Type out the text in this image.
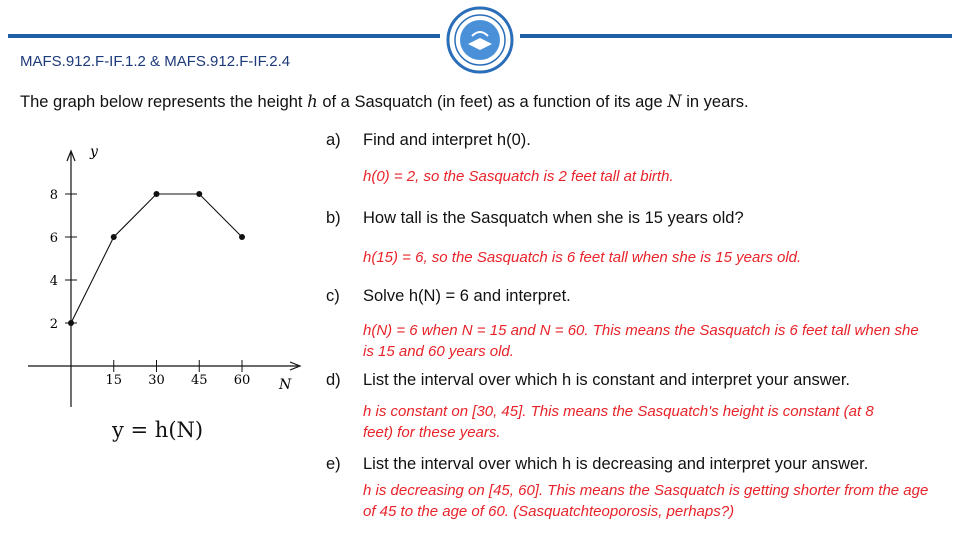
MAFS.912.F-IF.1.2 & MAFS.912.F-IF.2.4
The graph below represents the height h of a Sasquatch (in feet) as a function of its age N in years.
y
N
15 30 45 60
2
4
6
8
y = h(N)
a)	Find and interpret h(0).
h(0) = 2, so the Sasquatch is 2 feet tall at birth.
b)	How tall is the Sasquatch when she is 15 years old?
h(15) = 6, so the Sasquatch is 6 feet tall when she is 15 years old.
c)	Solve h(N) = 6 and interpret.
h(N) = 6 when N = 15 and N = 60. This means the Sasquatch is 6 feet tall when she is 15 and 60 years old.
d)	List the interval over which h is constant and interpret your answer.
h is constant on [30, 45]. This means the Sasquatch's height is constant (at 8 feet) for these years.
e)	List the interval over which h is decreasing and interpret your answer.
h is decreasing on [45, 60]. This means the Sasquatch is getting shorter from the age of 45 to the age of 60. (Sasquatchteoporosis, perhaps?)
